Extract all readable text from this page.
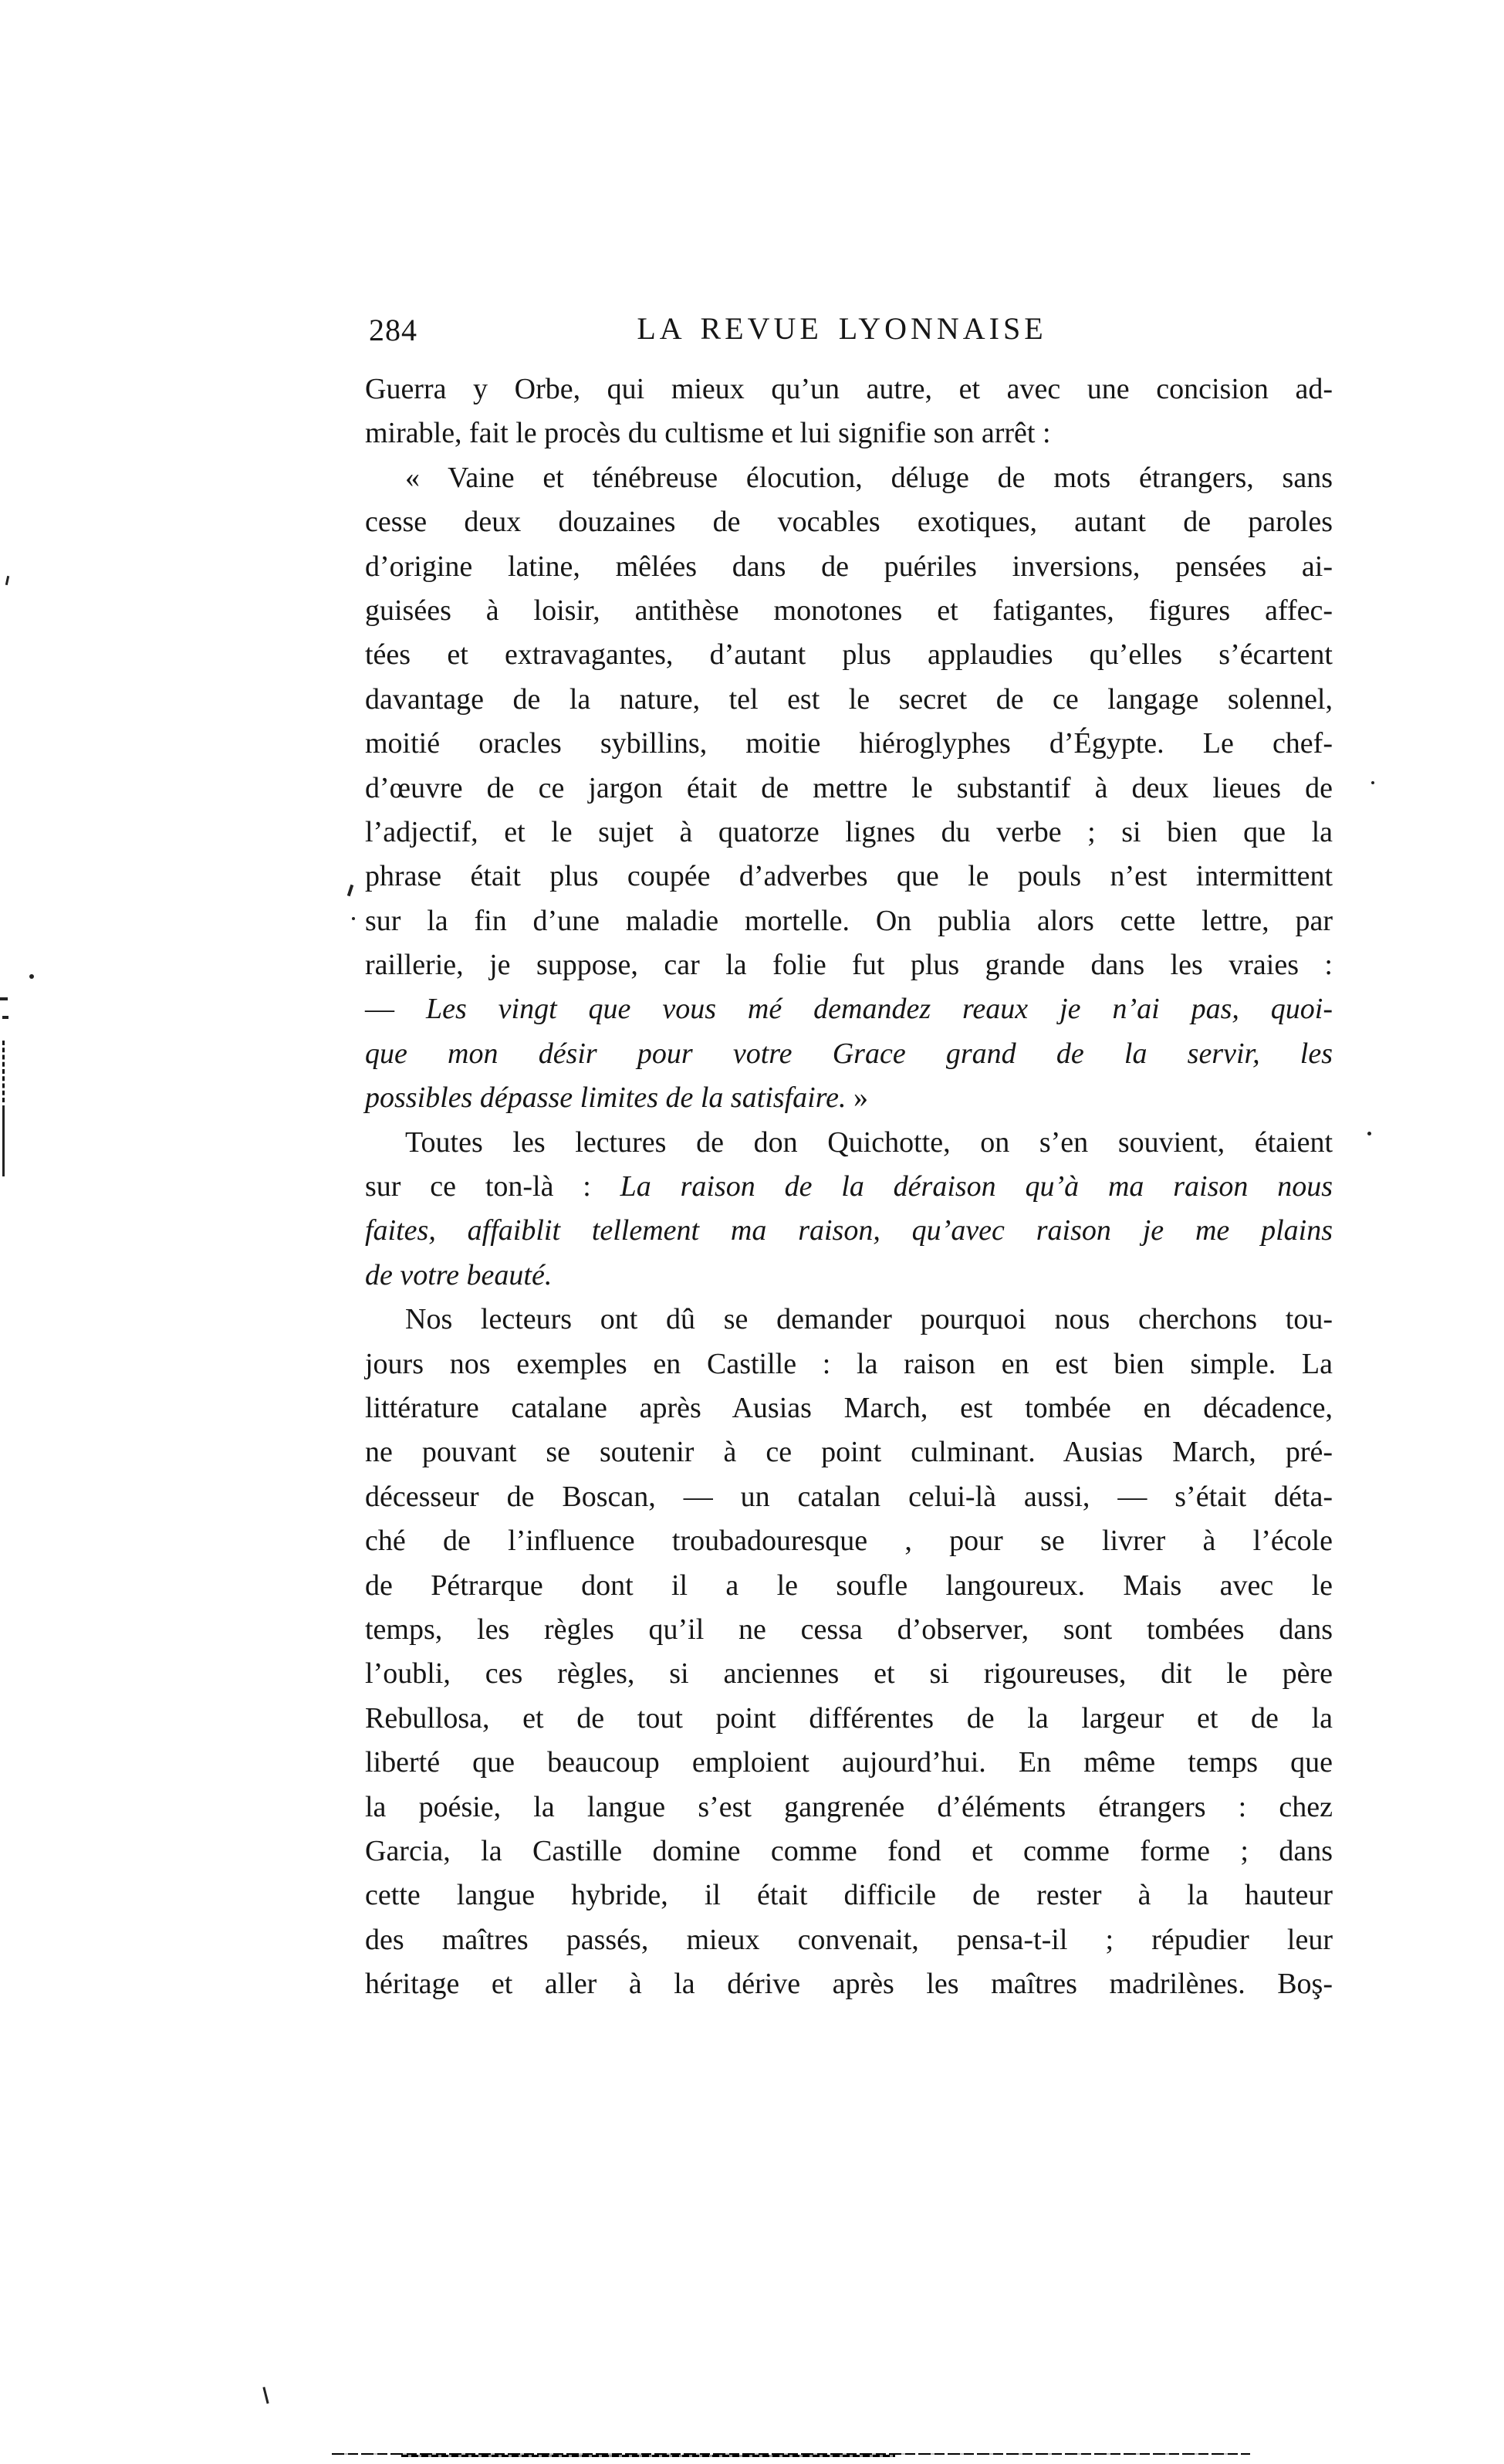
284	LA REVUE LYONNAISE
Guerra y Orbe, qui mieux qu’un autre, et avec une concision ad-
mirable, fait le procès du cultisme et lui signifie son arrêt :
« Vaine et ténébreuse élocution, déluge de mots étrangers, sans
cesse deux douzaines de vocables exotiques, autant de paroles
d’origine latine, mêlées dans de puériles inversions, pensées ai-
guisées à loisir, antithèse monotones et fatigantes, figures affec-
tées et extravagantes, d’autant plus applaudies qu’elles s’écartent
davantage de la nature, tel est le secret de ce langage solennel,
moitié oracles sybillins, moitie hiéroglyphes d’Égypte. Le chef-
d’œuvre de ce jargon était de mettre le substantif à deux lieues de
l’adjectif, et le sujet à quatorze lignes du verbe ; si bien que la
phrase était plus coupée d’adverbes que le pouls n’est intermittent
sur la fin d’une maladie mortelle. On publia alors cette lettre, par
raillerie, je suppose, car la folie fut plus grande dans les vraies :
— Les vingt que vous mé demandez reaux je n’ai pas, quoi-
que mon désir pour votre Grace grand de la servir, les
possibles dépasse limites de la satisfaire. »
Toutes les lectures de don Quichotte, on s’en souvient, étaient
sur ce ton-là : La raison de la déraison qu’à ma raison nous
faites, affaiblit tellement ma raison, qu’avec raison je me plains
de votre beauté.
Nos lecteurs ont dû se demander pourquoi nous cherchons tou-
jours nos exemples en Castille : la raison en est bien simple. La
littérature catalane après Ausias March, est tombée en décadence,
ne pouvant se soutenir à ce point culminant. Ausias March, pré-
décesseur de Boscan, — un catalan celui-là aussi, — s’était déta-
ché de l’influence troubadouresque , pour se livrer à l’école
de Pétrarque dont il a le soufle langoureux. Mais avec le
temps, les règles qu’il ne cessa d’observer, sont tombées dans
l’oubli, ces règles, si anciennes et si rigoureuses, dit le père
Rebullosa, et de tout point différentes de la largeur et de la
liberté que beaucoup emploient aujourd’hui. En même temps que
la poésie, la langue s’est gangrenée d’éléments étrangers : chez
Garcia, la Castille domine comme fond et comme forme ; dans
cette langue hybride, il était difficile de rester à la hauteur
des maîtres passés, mieux convenait, pensa-t-il ; répudier leur
héritage et aller à la dérive après les maîtres madrilènes. Boş-
